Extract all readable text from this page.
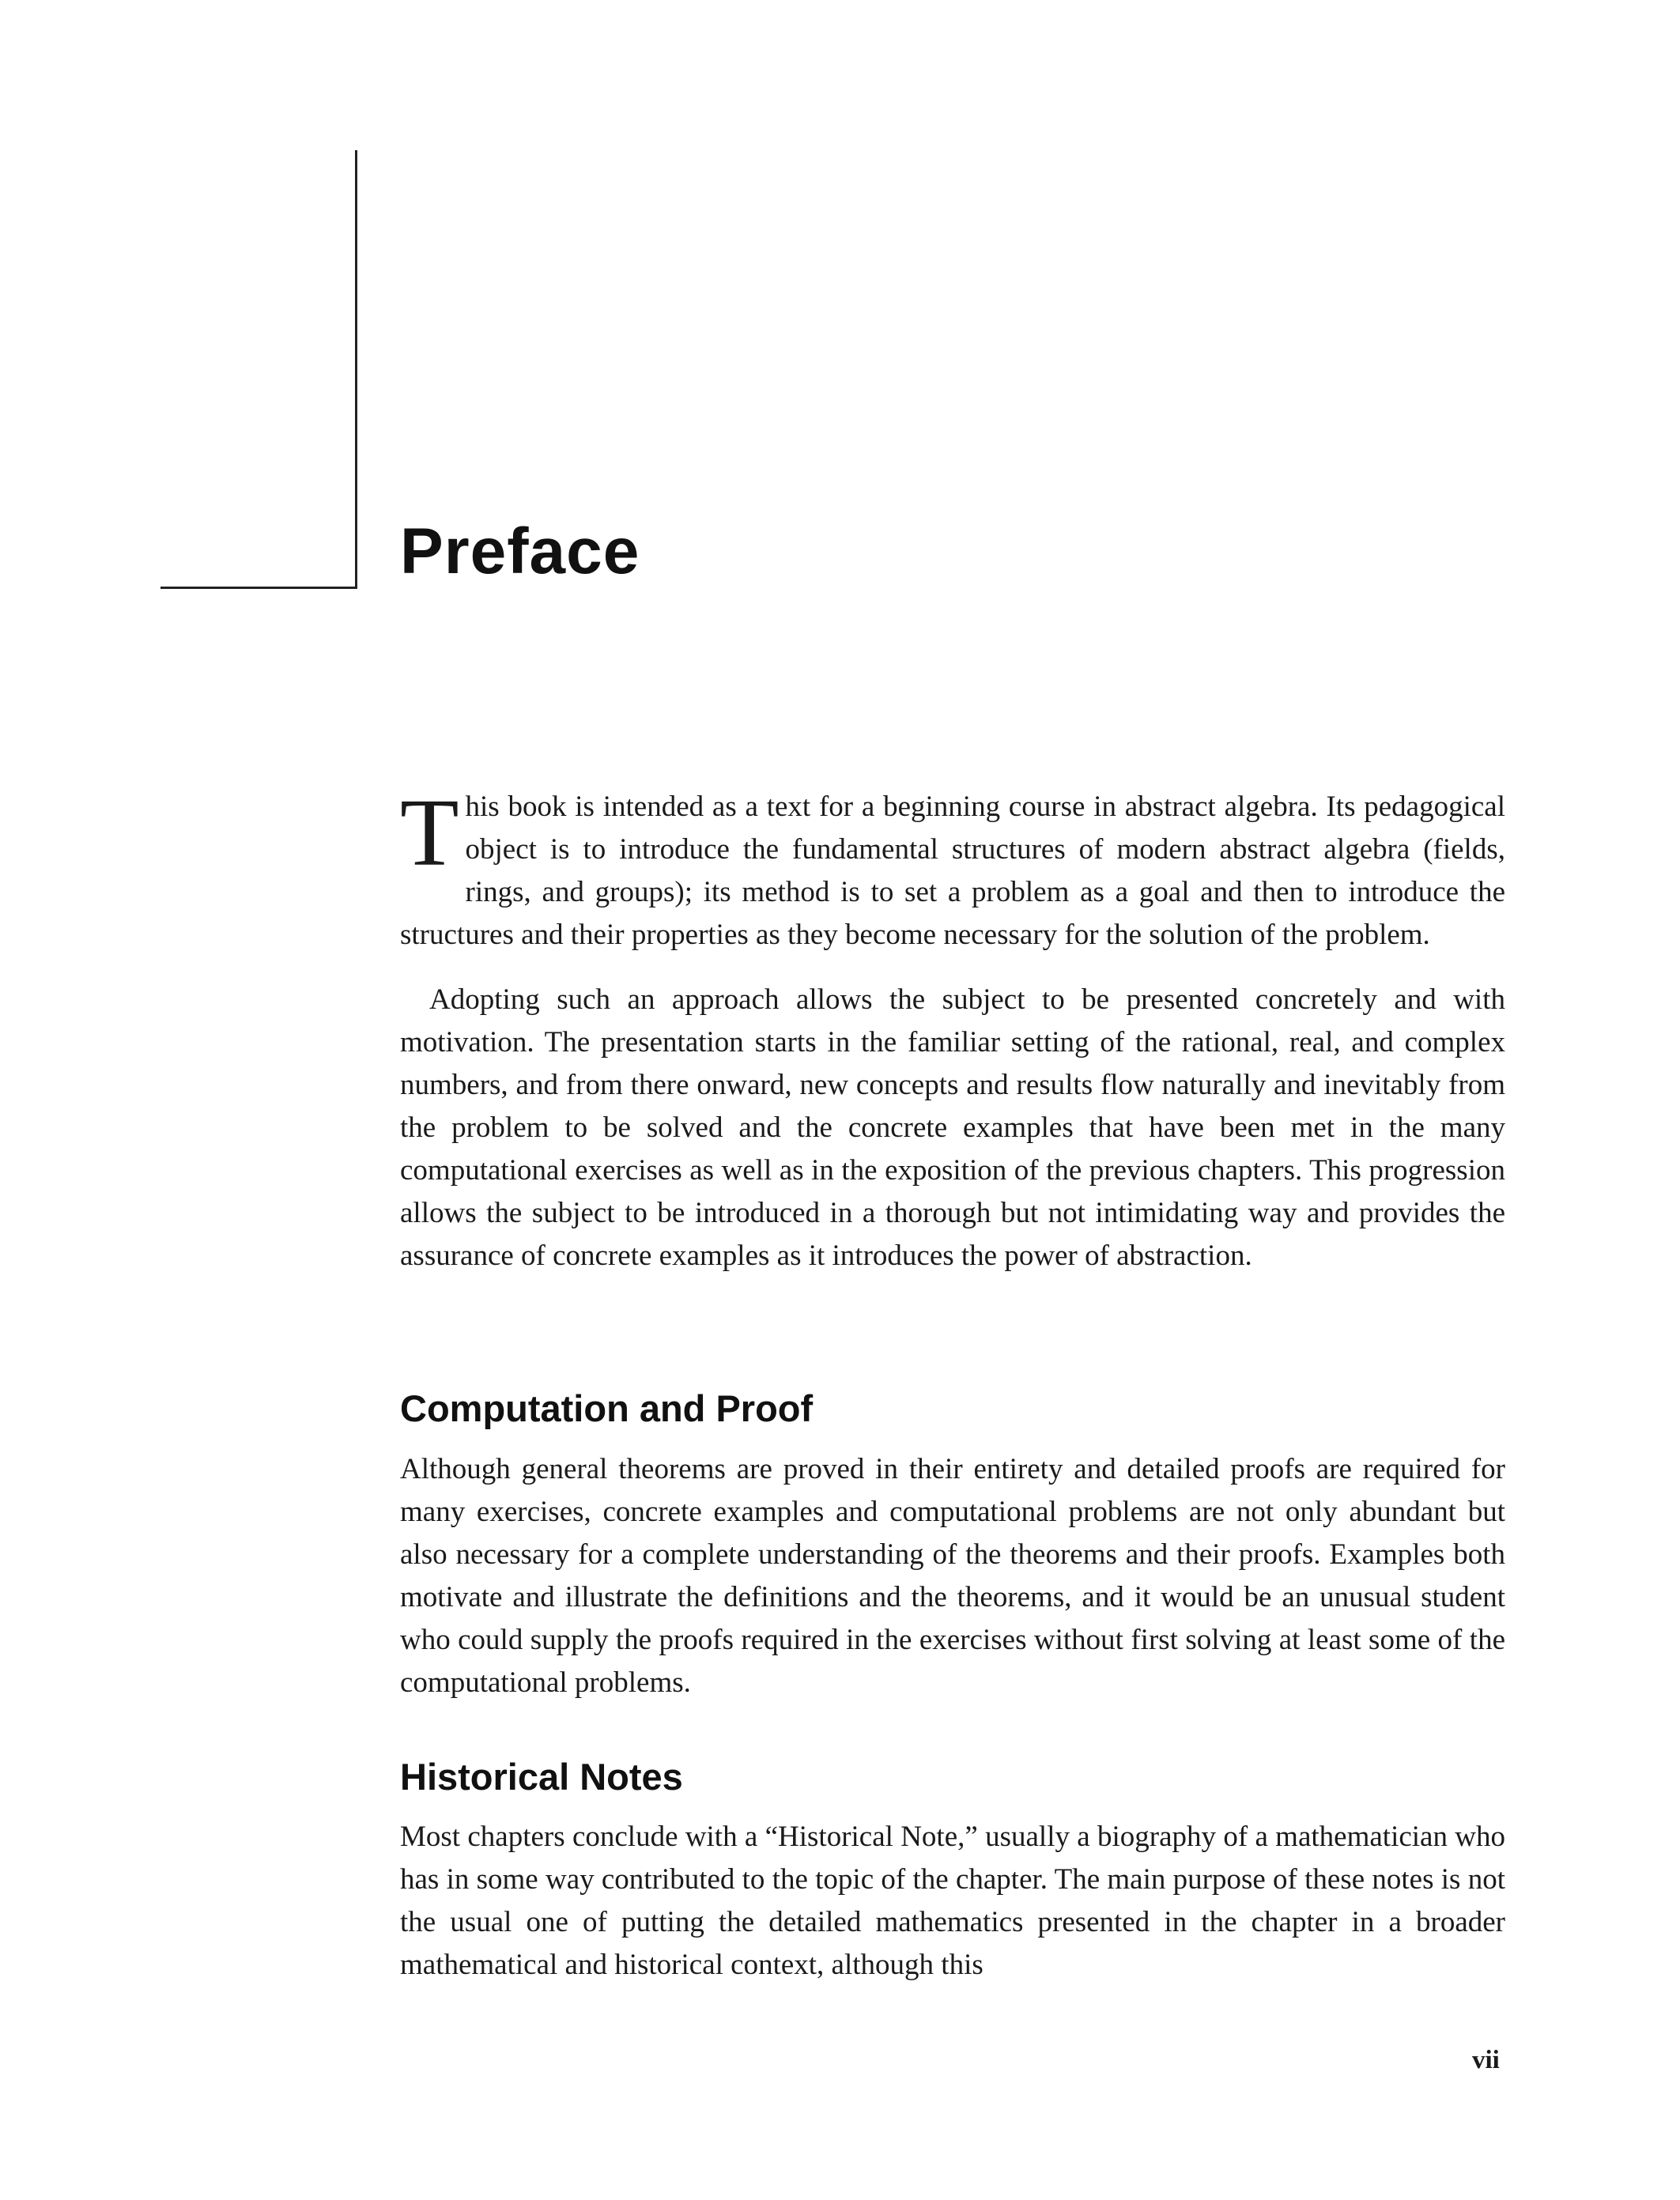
Preface

This book is intended as a text for a beginning course in abstract algebra. Its pedagogical object is to introduce the fundamental structures of modern abstract algebra (fields, rings, and groups); its method is to set a problem as a goal and then to introduce the structures and their properties as they become necessary for the solution of the problem.

Adopting such an approach allows the subject to be presented concretely and with motivation. The presentation starts in the familiar setting of the rational, real, and complex numbers, and from there onward, new concepts and results flow naturally and inevitably from the problem to be solved and the concrete examples that have been met in the many computational exercises as well as in the exposition of the previous chapters. This progression allows the subject to be introduced in a thorough but not intimidating way and provides the assurance of concrete examples as it introduces the power of abstraction.

Computation and Proof

Although general theorems are proved in their entirety and detailed proofs are required for many exercises, concrete examples and computational problems are not only abundant but also necessary for a complete understanding of the theorems and their proofs. Examples both motivate and illustrate the definitions and the theorems, and it would be an unusual student who could supply the proofs required in the exercises without first solving at least some of the computational problems.

Historical Notes

Most chapters conclude with a “Historical Note,” usually a biography of a mathematician who has in some way contributed to the topic of the chapter. The main purpose of these notes is not the usual one of putting the detailed mathematics presented in the chapter in a broader mathematical and historical context, although this

vii
